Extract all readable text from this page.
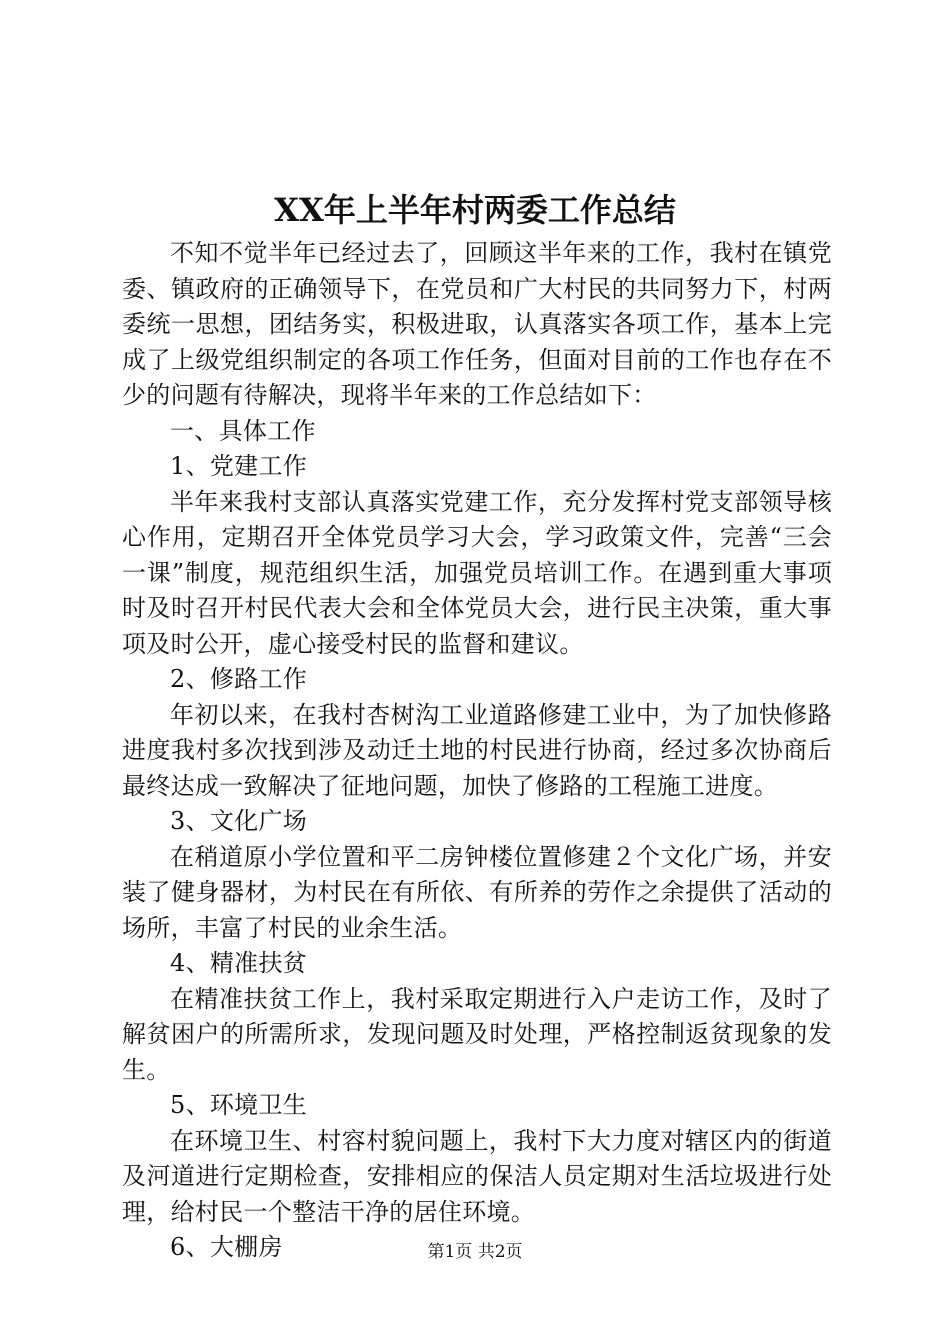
XX年上半年村两委工作总结

不知不觉半年已经过去了，回顾这半年来的工作，我村在镇党委、镇政府的正确领导下，在党员和广大村民的共同努力下，村两委统一思想，团结务实，积极进取，认真落实各项工作，基本上完成了上级党组织制定的各项工作任务，但面对目前的工作也存在不少的问题有待解决，现将半年来的工作总结如下：

一、具体工作

1、党建工作

半年来我村支部认真落实党建工作，充分发挥村党支部领导核心作用，定期召开全体党员学习大会，学习政策文件，完善“三会一课”制度，规范组织生活，加强党员培训工作。在遇到重大事项时及时召开村民代表大会和全体党员大会，进行民主决策，重大事项及时公开，虚心接受村民的监督和建议。

2、修路工作

年初以来，在我村杏树沟工业道路修建工业中，为了加快修路进度我村多次找到涉及动迁土地的村民进行协商，经过多次协商后最终达成一致解决了征地问题，加快了修路的工程施工进度。

3、文化广场

在稍道原小学位置和平二房钟楼位置修建２个文化广场，并安装了健身器材，为村民在有所依、有所养的劳作之余提供了活动的场所，丰富了村民的业余生活。

4、精准扶贫

在精准扶贫工作上，我村采取定期进行入户走访工作，及时了解贫困户的所需所求，发现问题及时处理，严格控制返贫现象的发生。

5、环境卫生

在环境卫生、村容村貌问题上，我村下大力度对辖区内的街道及河道进行定期检查，安排相应的保洁人员定期对生活垃圾进行处理，给村民一个整洁干净的居住环境。

6、大棚房	第1页 共2页
